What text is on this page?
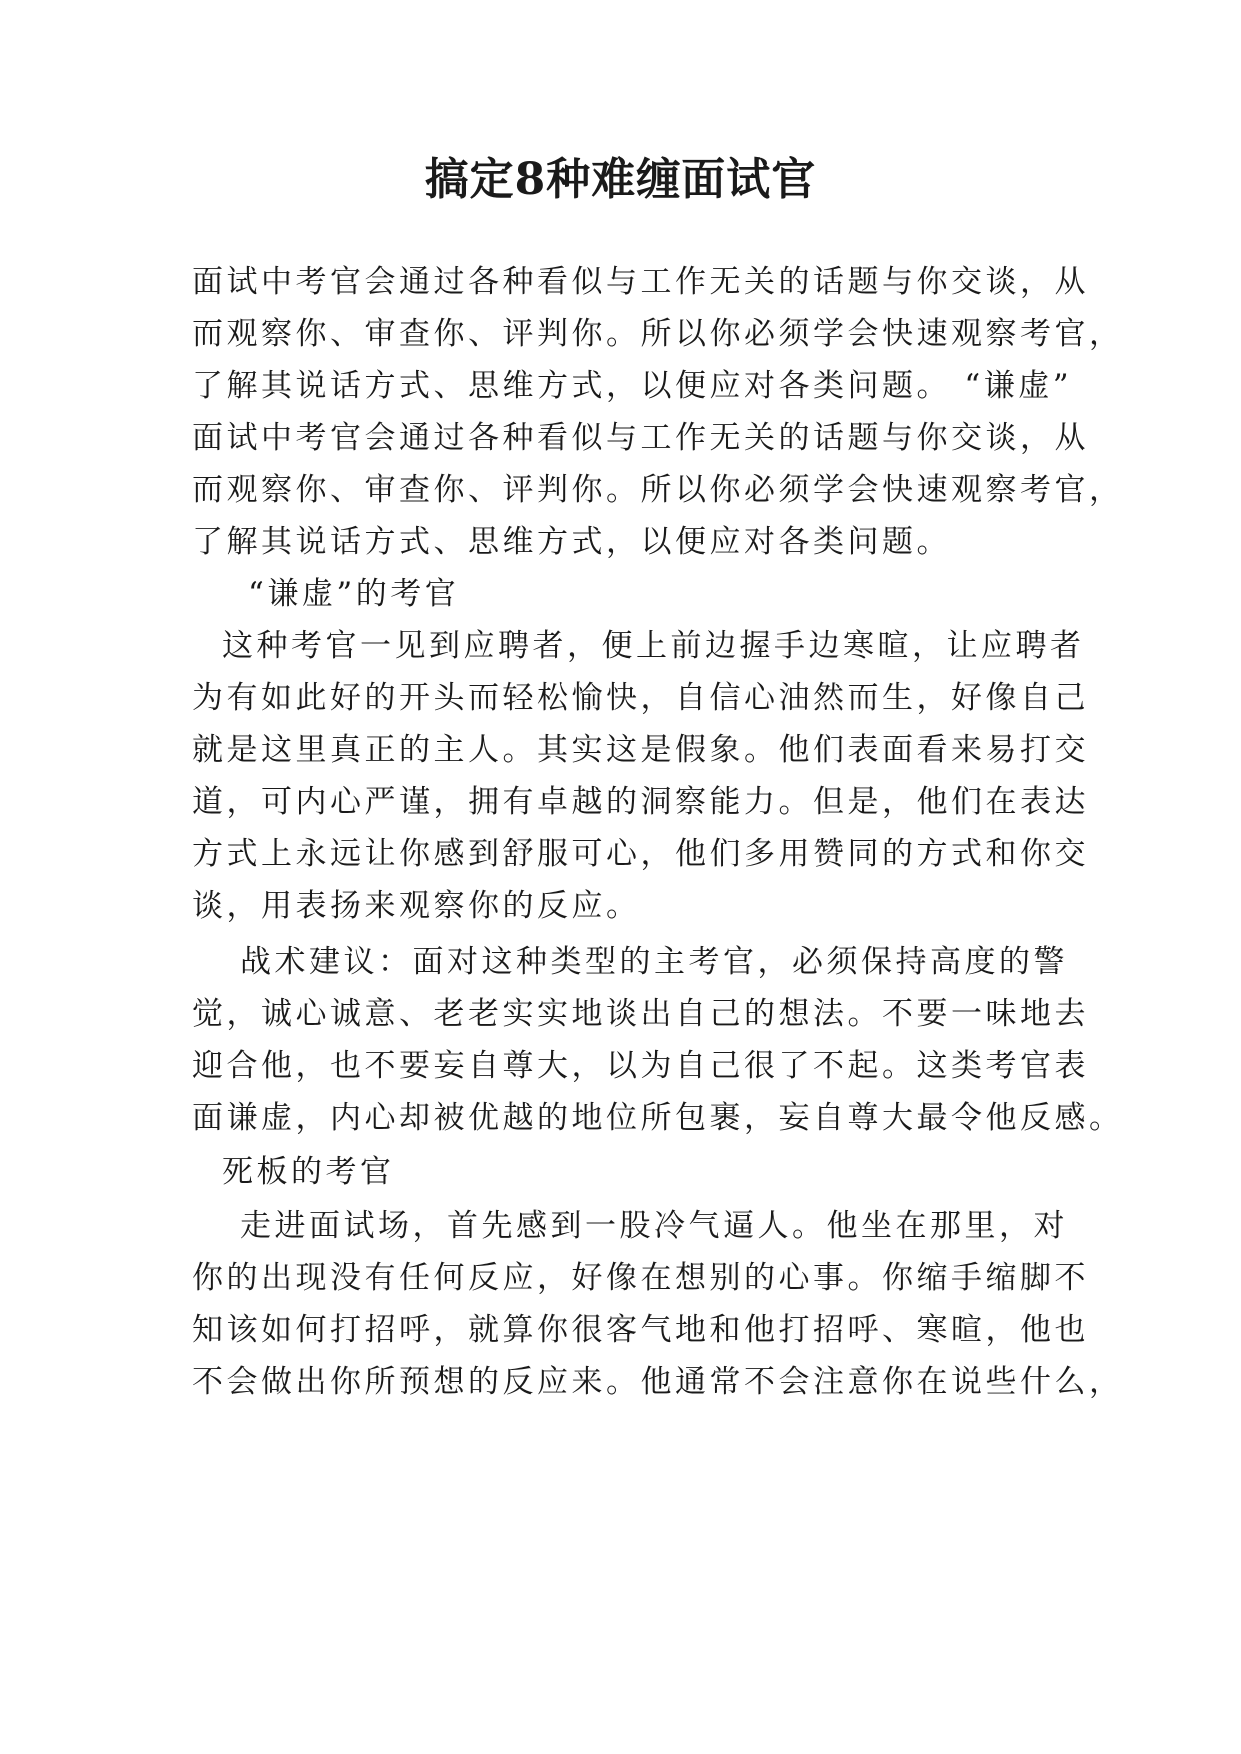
搞定8种难缠面试官

面试中考官会通过各种看似与工作无关的话题与你交谈，从

而观察你、审查你、评判你。所以你必须学会快速观察考官，

了解其说话方式、思维方式，以便应对各类问题。 “谦虚”

面试中考官会通过各种看似与工作无关的话题与你交谈，从

而观察你、审查你、评判你。所以你必须学会快速观察考官，

了解其说话方式、思维方式，以便应对各类问题。

“谦虚”的考官

这种考官一见到应聘者，便上前边握手边寒暄，让应聘者

为有如此好的开头而轻松愉快，自信心油然而生，好像自己

就是这里真正的主人。其实这是假象。他们表面看来易打交

道，可内心严谨，拥有卓越的洞察能力。但是，他们在表达

方式上永远让你感到舒服可心，他们多用赞同的方式和你交

谈，用表扬来观察你的反应。

战术建议：面对这种类型的主考官，必须保持高度的警

觉，诚心诚意、老老实实地谈出自己的想法。不要一味地去

迎合他，也不要妄自尊大，以为自己很了不起。这类考官表

面谦虚，内心却被优越的地位所包裹，妄自尊大最令他反感。

死板的考官

走进面试场，首先感到一股冷气逼人。他坐在那里，对

你的出现没有任何反应，好像在想别的心事。你缩手缩脚不

知该如何打招呼，就算你很客气地和他打招呼、寒暄，他也

不会做出你所预想的反应来。他通常不会注意你在说些什么，
